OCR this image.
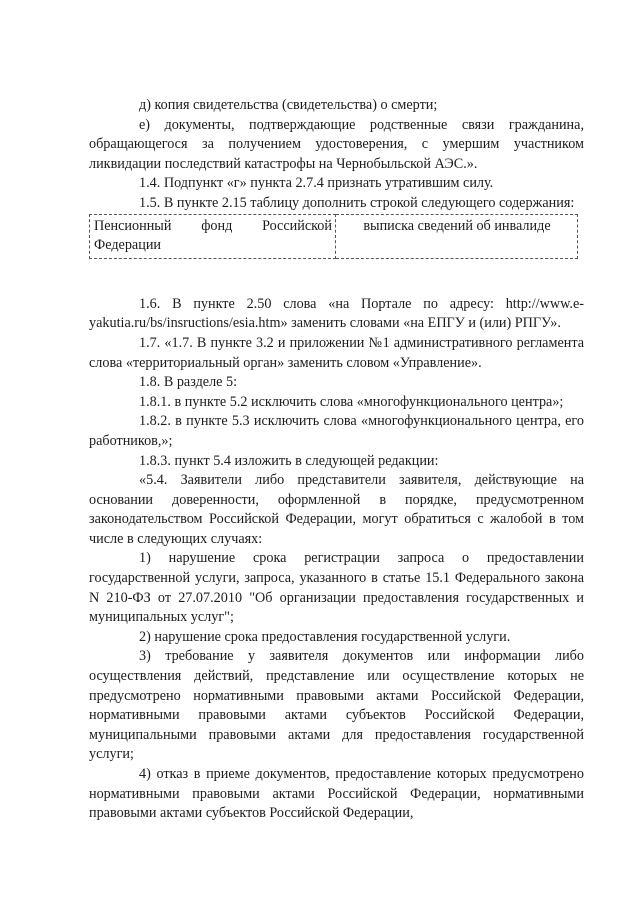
д) копия свидетельства (свидетельства) о смерти;

е) документы, подтверждающие родственные связи гражданина, обращающегося за получением удостоверения, с умершим участником ликвидации последствий катастрофы на Чернобыльской АЭС.».

1.4. Подпункт «г» пункта 2.7.4 признать утратившим силу.

1.5. В пункте 2.15 таблицу дополнить строкой следующего содержания:

Пенсионный фонд Российской Федерации	выписка сведений об инвалиде

1.6. В пункте 2.50 слова «на Портале по адресу: http://www.e-yakutia.ru/bs/insructions/esia.htm» заменить словами «на ЕПГУ и (или) РПГУ».

1.7. «1.7. В пункте 3.2 и приложении №1 административного регламента слова «территориальный орган» заменить словом «Управление».

1.8. В разделе 5:

1.8.1. в пункте 5.2 исключить слова «многофункционального центра»;

1.8.2. в пункте 5.3 исключить слова «многофункционального центра, его работников,»;

1.8.3. пункт 5.4 изложить в следующей редакции:

«5.4. Заявители либо представители заявителя, действующие на основании доверенности, оформленной в порядке, предусмотренном законодательством Российской Федерации, могут обратиться с жалобой в том числе в следующих случаях:

1) нарушение срока регистрации запроса о предоставлении государственной услуги, запроса, указанного в статье 15.1 Федерального закона N 210-ФЗ от 27.07.2010 "Об организации предоставления государственных и муниципальных услуг";

2) нарушение срока предоставления государственной услуги.

3) требование у заявителя документов или информации либо осуществления действий, представление или осуществление которых не предусмотрено нормативными правовыми актами Российской Федерации, нормативными правовыми актами субъектов Российской Федерации, муниципальными правовыми актами для предоставления государственной услуги;

4) отказ в приеме документов, предоставление которых предусмотрено нормативными правовыми актами Российской Федерации, нормативными правовыми актами субъектов Российской Федерации,
